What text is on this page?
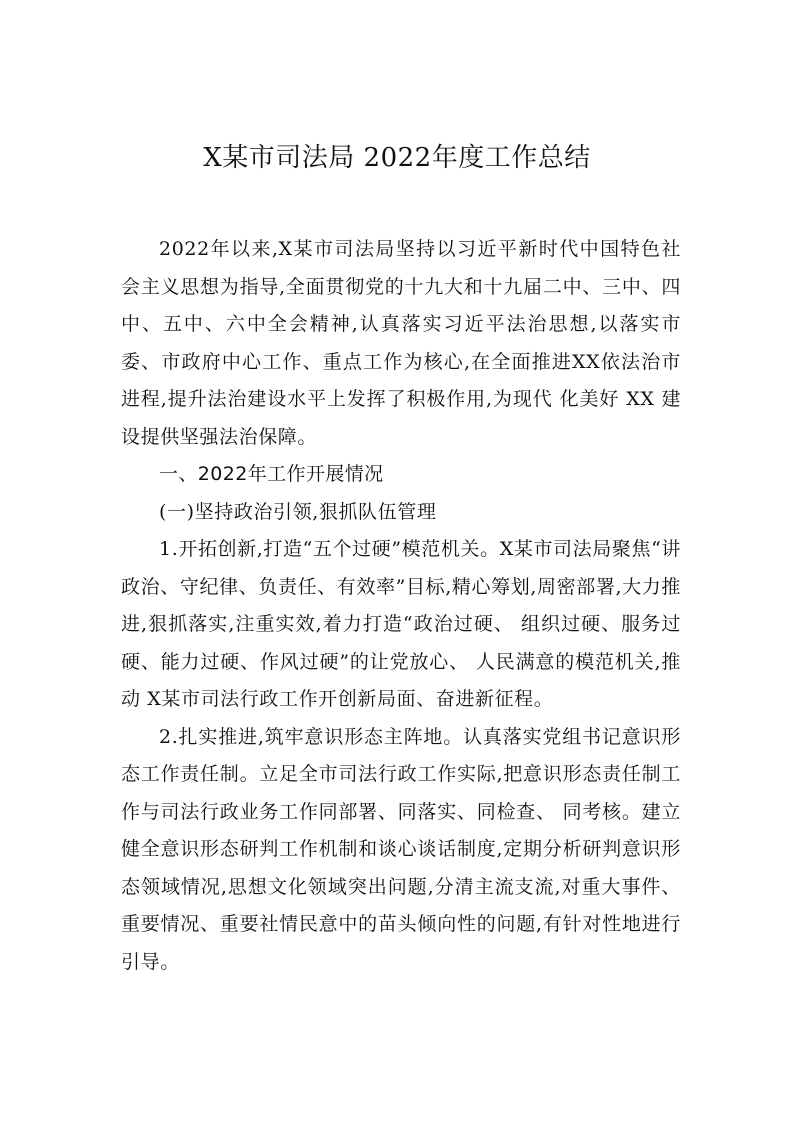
X某市司法局 2022年度工作总结

2022年以来,X某市司法局坚持以习近平新时代中国特色社会主义思想为指导,全面贯彻党的十九大和十九届二中、三中、四中、五中、六中全会精神,认真落实习近平法治思想,以落实市委、市政府中心工作、重点工作为核心,在全面推进XX依法治市进程,提升法治建设水平上发挥了积极作用,为现代 化美好 XX 建设提供坚强法治保障。

一、2022年工作开展情况

(一)坚持政治引领,狠抓队伍管理

1.开拓创新,打造“五个过硬”模范机关。X某市司法局聚焦“讲政治、守纪律、负责任、有效率”目标,精心筹划,周密部署,大力推进,狠抓落实,注重实效,着力打造“政治过硬、 组织过硬、服务过硬、能力过硬、作风过硬”的让党放心、 人民满意的模范机关,推动 X某市司法行政工作开创新局面、奋进新征程。

2.扎实推进,筑牢意识形态主阵地。认真落实党组书记意识形态工作责任制。立足全市司法行政工作实际,把意识形态责任制工作与司法行政业务工作同部署、同落实、同检查、 同考核。建立健全意识形态研判工作机制和谈心谈话制度,定期分析研判意识形态领域情况,思想文化领域突出问题,分清主流支流,对重大事件、重要情况、重要社情民意中的苗头倾向性的问题,有针对性地进行引导。
